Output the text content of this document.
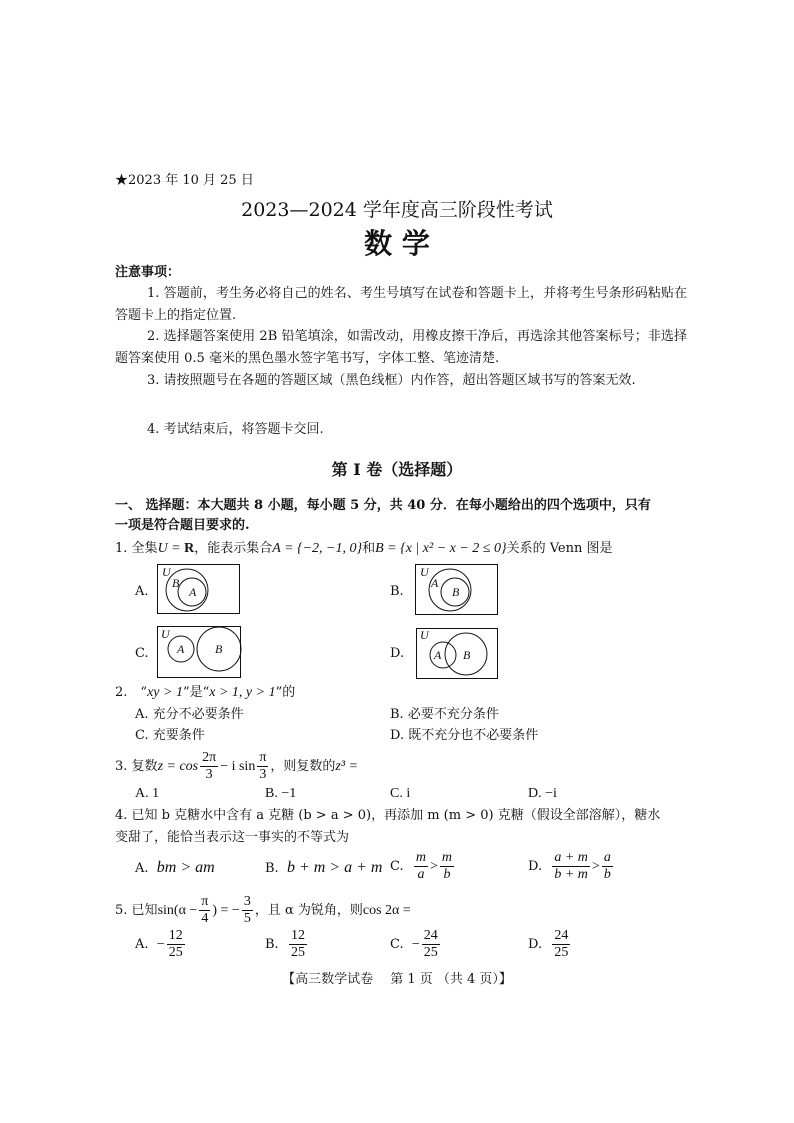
★2023 年 10 月 25 日
2023—2024 学年度高三阶段性考试
数 学
注意事项：
1. 答题前，考生务必将自己的姓名、考生号填写在试卷和答题卡上，并将考生号条形码粘贴在答题卡上的指定位置.
2. 选择题答案使用 2B 铅笔填涂，如需改动，用橡皮擦干净后，再选涂其他答案标号；非选择题答案使用 0.5 毫米的黑色墨水签字笔书写，字体工整、笔迹清楚.
3. 请按照题号在各题的答题区域（黑色线框）内作答，超出答题区域书写的答案无效.
4. 考试结束后，将答题卡交回.
第 I 卷（选择题）
一、 选择题：本大题共 8 小题，每小题 5 分，共 40 分．在每小题给出的四个选项中，只有
一项是符合题目要求的.
1. 全集U = R，能表示集合A = {−2, −1, 0}和B = {x | x² − x − 2 ≤ 0}关系的 Venn 图是
A.
U
B
A	B.
U
A
B
C.
U
A	B	D.
U
A B
2.　 “xy > 1”是“x > 1, y > 1”的
A. 充分不必要条件	B. 必要不充分条件
C. 充要条件	D. 既不充分也不必要条件
3. 复数$z = \cos \frac{2\pi}{3} - i$ $\sin \frac{\pi}{3}$ ，则复数的z³ =
A. 1	B. −1	C. i	D. −i
4. 已知 b 克糖水中含有 a 克糖 (b > a > 0)，再添加 m (m > 0) 克糖（假设全部溶解），糖水
变甜了，能恰当表示这一事实的不等式为
A. bm > am	B. b + m > a + m C. $\frac{m}{a} > \frac{m}{b}$	D. $\frac{a + m}{b + m} > \frac{a}{b}$
5. 已知$\sin(\alpha - \frac{\pi}{4}$ ) = − $\frac{3}{5}$ ，且 α 为锐角，则cos 2α =
A. − $\frac{12}{25}$	B. $\frac{12}{25}$	C. − $\frac{24}{25}$	D. $\frac{24}{25}$
【高三数学试卷　 第 1 页 （共 4 页）】
